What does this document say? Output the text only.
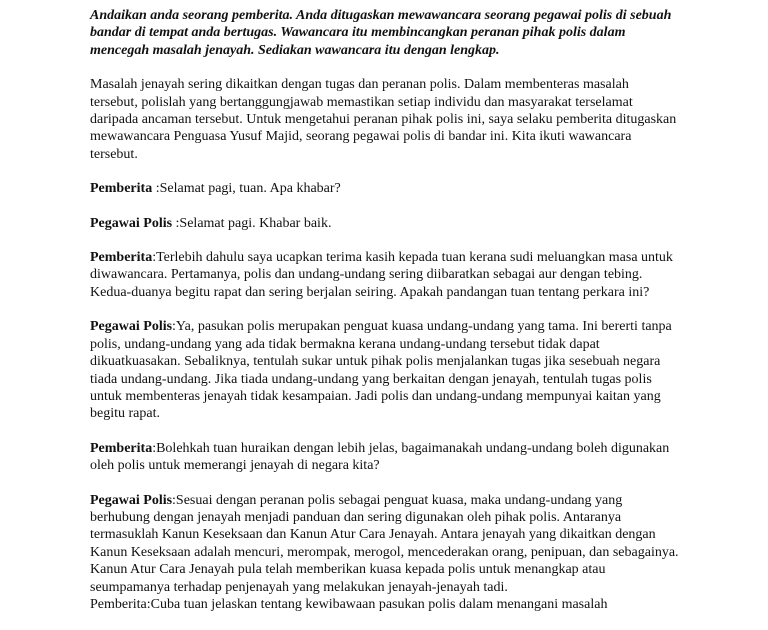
Andaikan anda seorang pemberita. Anda ditugaskan mewawancara seorang pegawai polis di sebuah bandar di tempat anda bertugas. Wawancara itu membincangkan peranan pihak polis dalam mencegah masalah jenayah. Sediakan wawancara itu dengan lengkap.

Masalah jenayah sering dikaitkan dengan tugas dan peranan polis. Dalam membenteras masalah tersebut, polislah yang bertanggungjawab memastikan setiap individu dan masyarakat terselamat daripada ancaman tersebut. Untuk mengetahui peranan pihak polis ini, saya selaku pemberita ditugaskan mewawancara Penguasa Yusuf Majid, seorang pegawai polis di bandar ini. Kita ikuti wawancara tersebut.

Pemberita :Selamat pagi, tuan. Apa khabar?

Pegawai Polis :Selamat pagi. Khabar baik.

Pemberita:Terlebih dahulu saya ucapkan terima kasih kepada tuan kerana sudi meluangkan masa untuk diwawancara. Pertamanya, polis dan undang-undang sering diibaratkan sebagai aur dengan tebing. Kedua-duanya begitu rapat dan sering berjalan seiring. Apakah pandangan tuan tentang perkara ini?

Pegawai Polis:Ya, pasukan polis merupakan penguat kuasa undang-undang yang tama. Ini bererti tanpa polis, undang-undang yang ada tidak bermakna kerana undang-undang tersebut tidak dapat dikuatkuasakan. Sebaliknya, tentulah sukar untuk pihak polis menjalankan tugas jika sesebuah negara tiada undang-undang. Jika tiada undang-undang yang berkaitan dengan jenayah, tentulah tugas polis untuk membenteras jenayah tidak kesampaian. Jadi polis dan undang-undang mempunyai kaitan yang begitu rapat.

Pemberita:Bolehkah tuan huraikan dengan lebih jelas, bagaimanakah undang-undang boleh digunakan oleh polis untuk memerangi jenayah di negara kita?

Pegawai Polis:Sesuai dengan peranan polis sebagai penguat kuasa, maka undang-undang yang berhubung dengan jenayah menjadi panduan dan sering digunakan oleh pihak polis. Antaranya termasuklah Kanun Keseksaan dan Kanun Atur Cara Jenayah. Antara jenayah yang dikaitkan dengan Kanun Keseksaan adalah mencuri, merompak, merogol, mencederakan orang, penipuan, dan sebagainya. Kanun Atur Cara Jenayah pula telah memberikan kuasa kepada polis untuk menangkap atau seumpamanya terhadap penjenayah yang melakukan jenayah-jenayah tadi.
Pemberita:Cuba tuan jelaskan tentang kewibawaan pasukan polis dalam menangani masalah
